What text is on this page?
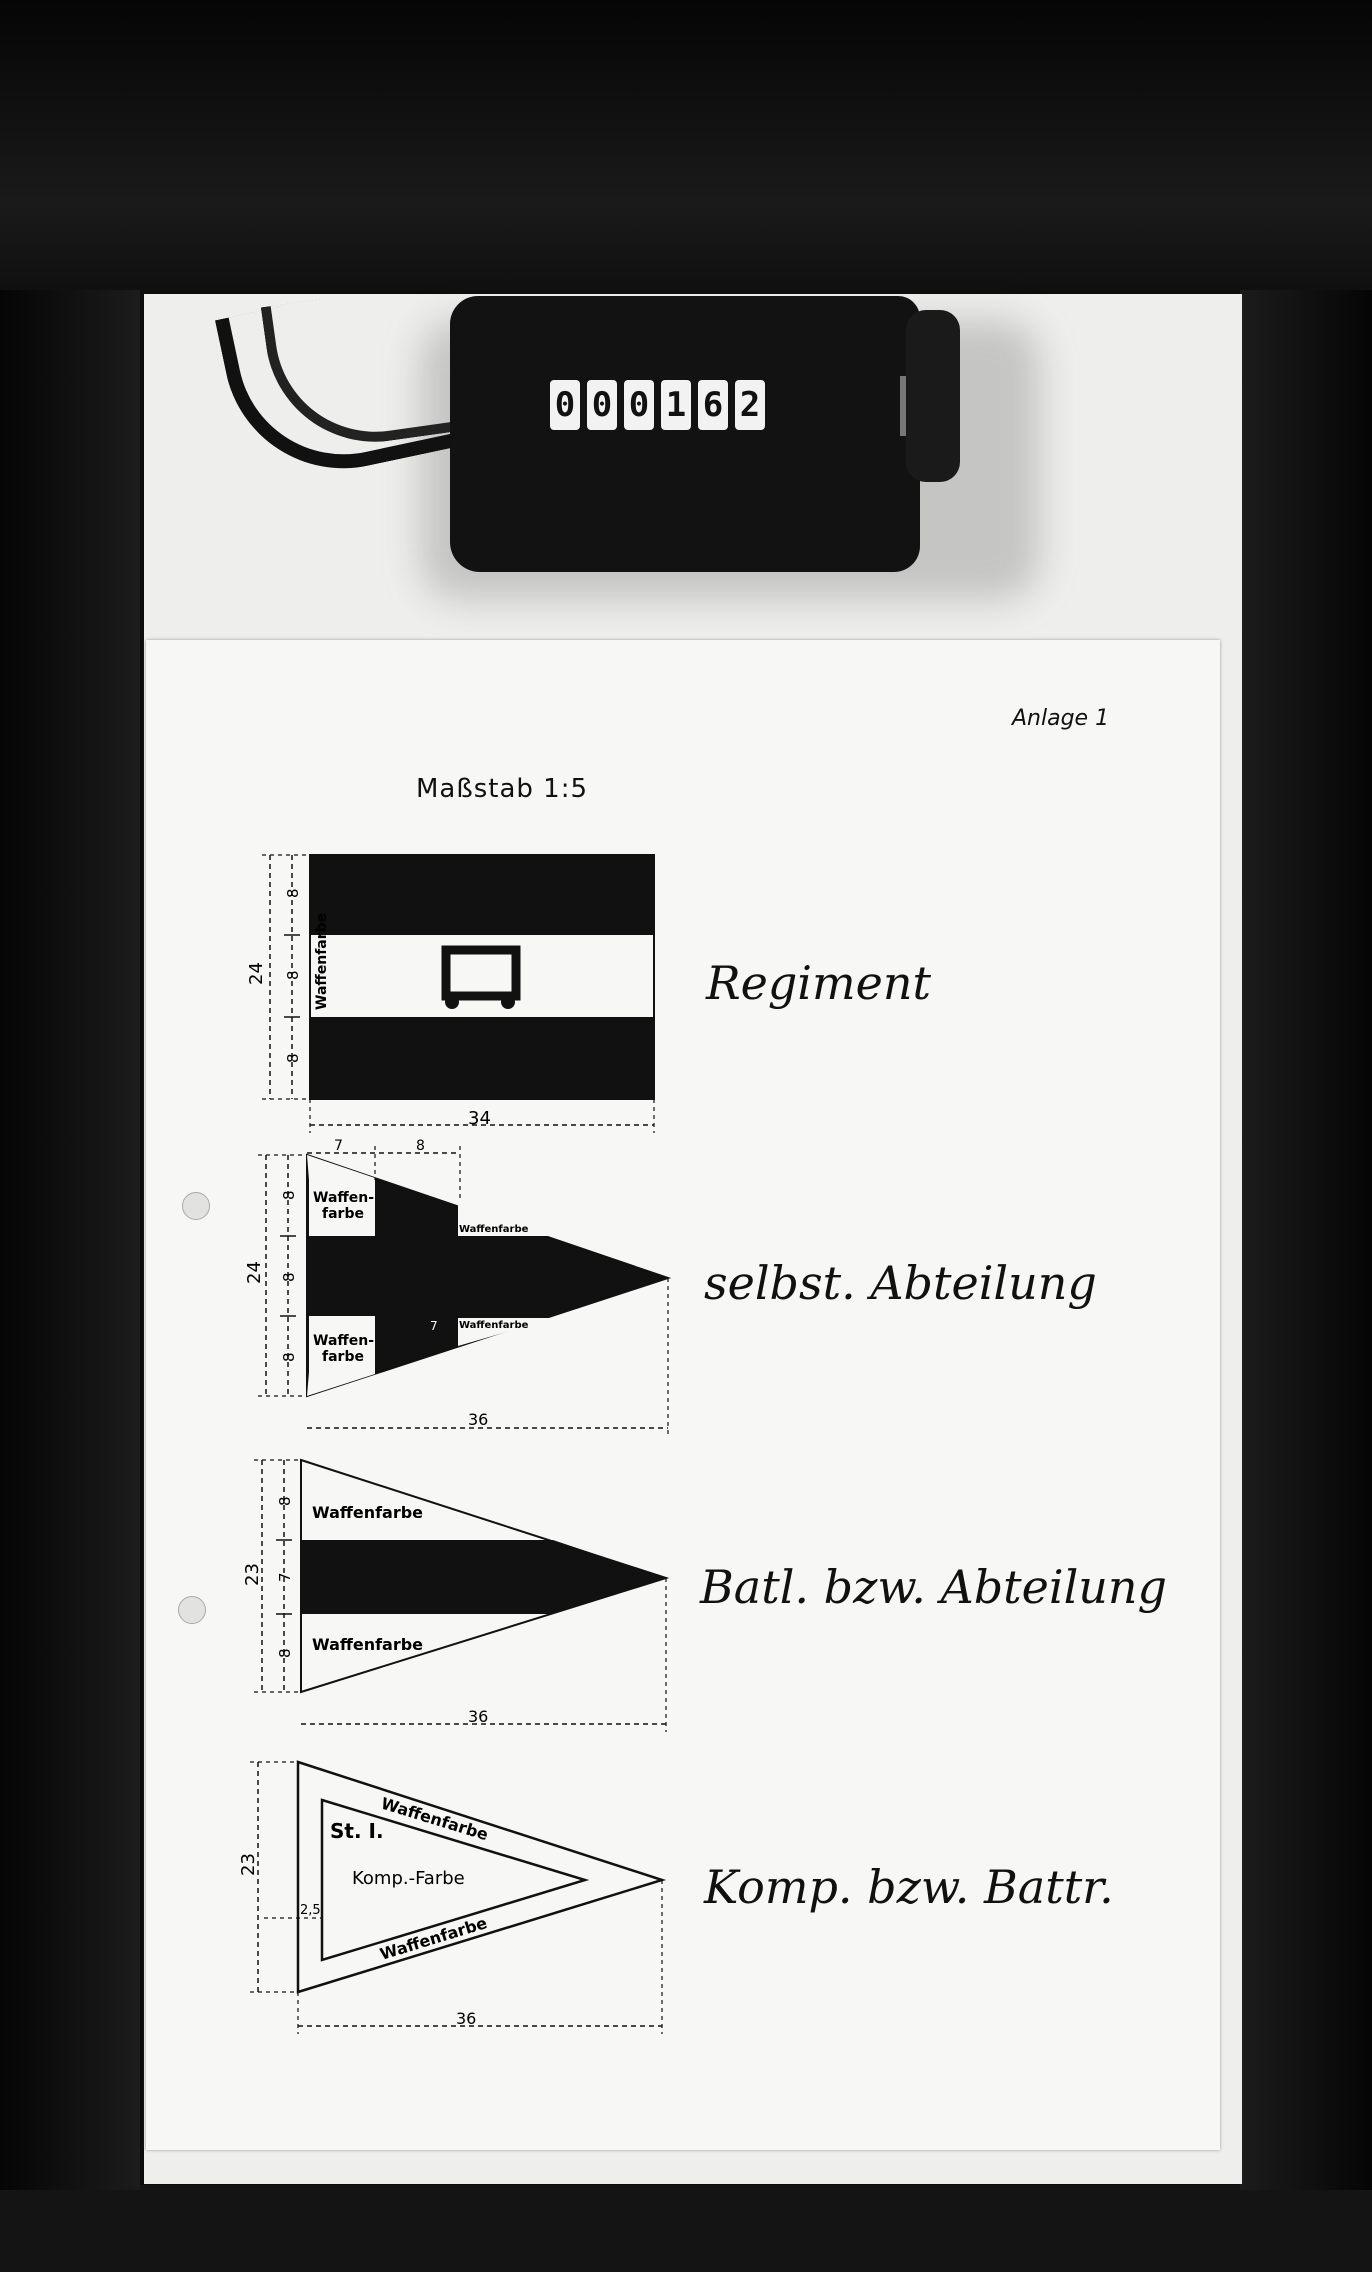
0 0 0 1 6 2
Anlage 1
Maßstab 1:5
24
8
8
8
Waffenfarbe
34
Waffen-
farbe
Waffenfarbe
Waffenfarbe
Waffen-
farbe
7
7	8
24
8
8
8
36
Waffenfarbe
Waffenfarbe
23
8
7
8
36
Waffenfarbe
St. I.
Komp.-Farbe
Waffenfarbe
23
2,5
36
Regiment
selbst. Abteilung
Batl. bzw. Abteilung
Komp. bzw. Battr.
